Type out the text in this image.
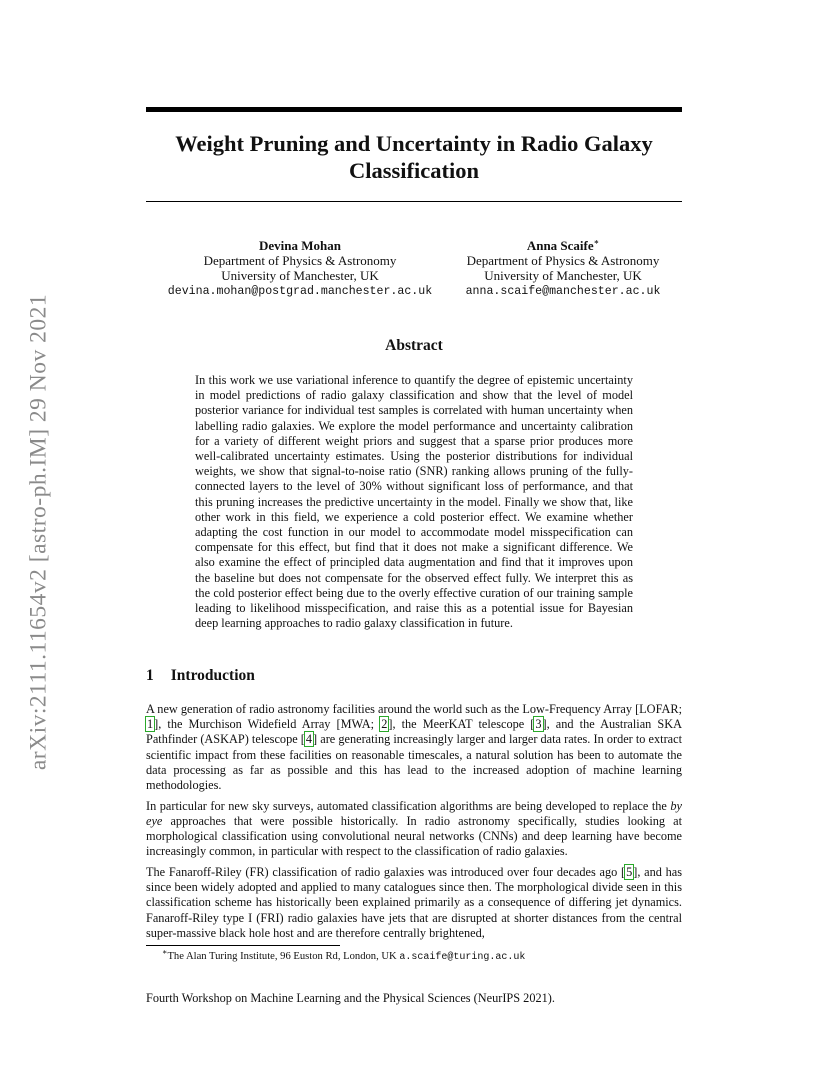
arXiv:2111.11654v2 [astro-ph.IM] 29 Nov 2021
Weight Pruning and Uncertainty in Radio Galaxy
Classification
Devina Mohan
Department of Physics & Astronomy
University of Manchester, UK
devina.mohan@postgrad.manchester.ac.uk
Anna Scaife∗
Department of Physics & Astronomy
University of Manchester, UK
anna.scaife@manchester.ac.uk
Abstract
In this work we use variational inference to quantify the degree of epistemic uncertainty in model predictions of radio galaxy classification and show that the level of model posterior variance for individual test samples is correlated with human uncertainty when labelling radio galaxies. We explore the model performance and uncertainty calibration for a variety of different weight priors and suggest that a sparse prior produces more well-calibrated uncertainty estimates. Using the posterior distributions for individual weights, we show that signal-to-noise ratio (SNR) ranking allows pruning of the fully-connected layers to the level of 30% without significant loss of performance, and that this pruning increases the predictive uncertainty in the model. Finally we show that, like other work in this field, we experience a cold posterior effect. We examine whether adapting the cost function in our model to accommodate model misspecification can compensate for this effect, but find that it does not make a significant difference. We also examine the effect of principled data augmentation and find that it improves upon the baseline but does not compensate for the observed effect fully. We interpret this as the cold posterior effect being due to the overly effective curation of our training sample leading to likelihood misspecification, and raise this as a potential issue for Bayesian deep learning approaches to radio galaxy classification in future.
1 Introduction

A new generation of radio astronomy facilities around the world such as the Low-Frequency Array [LOFAR; 1], the Murchison Widefield Array [MWA; 2], the MeerKAT telescope [3], and the Australian SKA Pathfinder (ASKAP) telescope [4] are generating increasingly larger and larger data rates. In order to extract scientific impact from these facilities on reasonable timescales, a natural solution has been to automate the data processing as far as possible and this has lead to the increased adoption of machine learning methodologies.

In particular for new sky surveys, automated classification algorithms are being developed to replace the by eye approaches that were possible historically. In radio astronomy specifically, studies looking at morphological classification using convolutional neural networks (CNNs) and deep learning have become increasingly common, in particular with respect to the classification of radio galaxies.

The Fanaroff-Riley (FR) classification of radio galaxies was introduced over four decades ago [5], and has since been widely adopted and applied to many catalogues since then. The morphological divide seen in this classification scheme has historically been explained primarily as a consequence of differing jet dynamics. Fanaroff-Riley type I (FRI) radio galaxies have jets that are disrupted at shorter distances from the central super-massive black hole host and are therefore centrally brightened,

∗The Alan Turing Institute, 96 Euston Rd, London, UK a.scaife@turing.ac.uk
Fourth Workshop on Machine Learning and the Physical Sciences (NeurIPS 2021).
